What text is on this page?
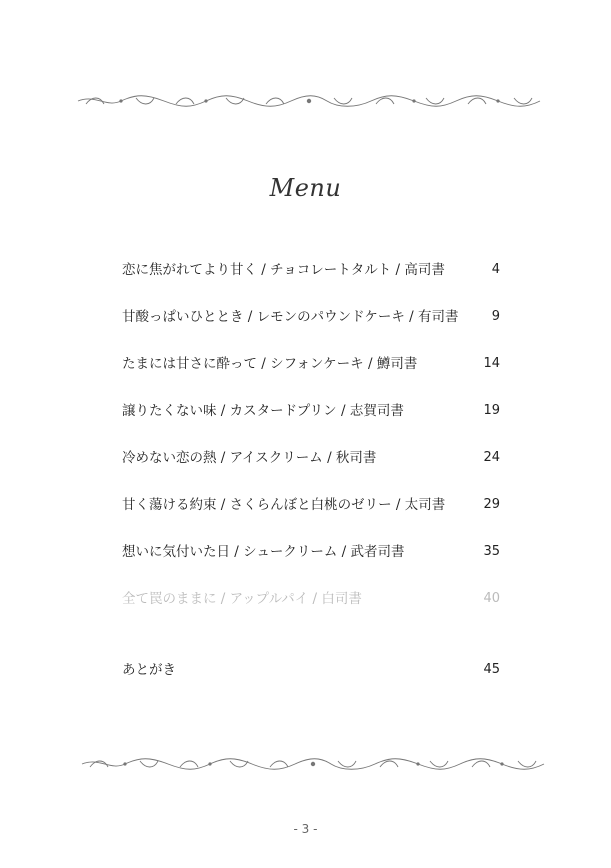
Menu
恋に焦がれてより甘く / チョコレートタルト / 高司書	4
甘酸っぱいひととき / レモンのパウンドケーキ / 有司書	9
たまには甘さに酔って / シフォンケーキ / 鱒司書	14
譲りたくない味 / カスタードプリン / 志賀司書	19
冷めない恋の熱 / アイスクリーム / 秋司書	24
甘く蕩ける約束 / さくらんぼと白桃のゼリー / 太司書	29
想いに気付いた日 / シュークリーム / 武者司書	35
全て罠のままに / アップルパイ / 白司書	40
あとがき	45
- 3 -
